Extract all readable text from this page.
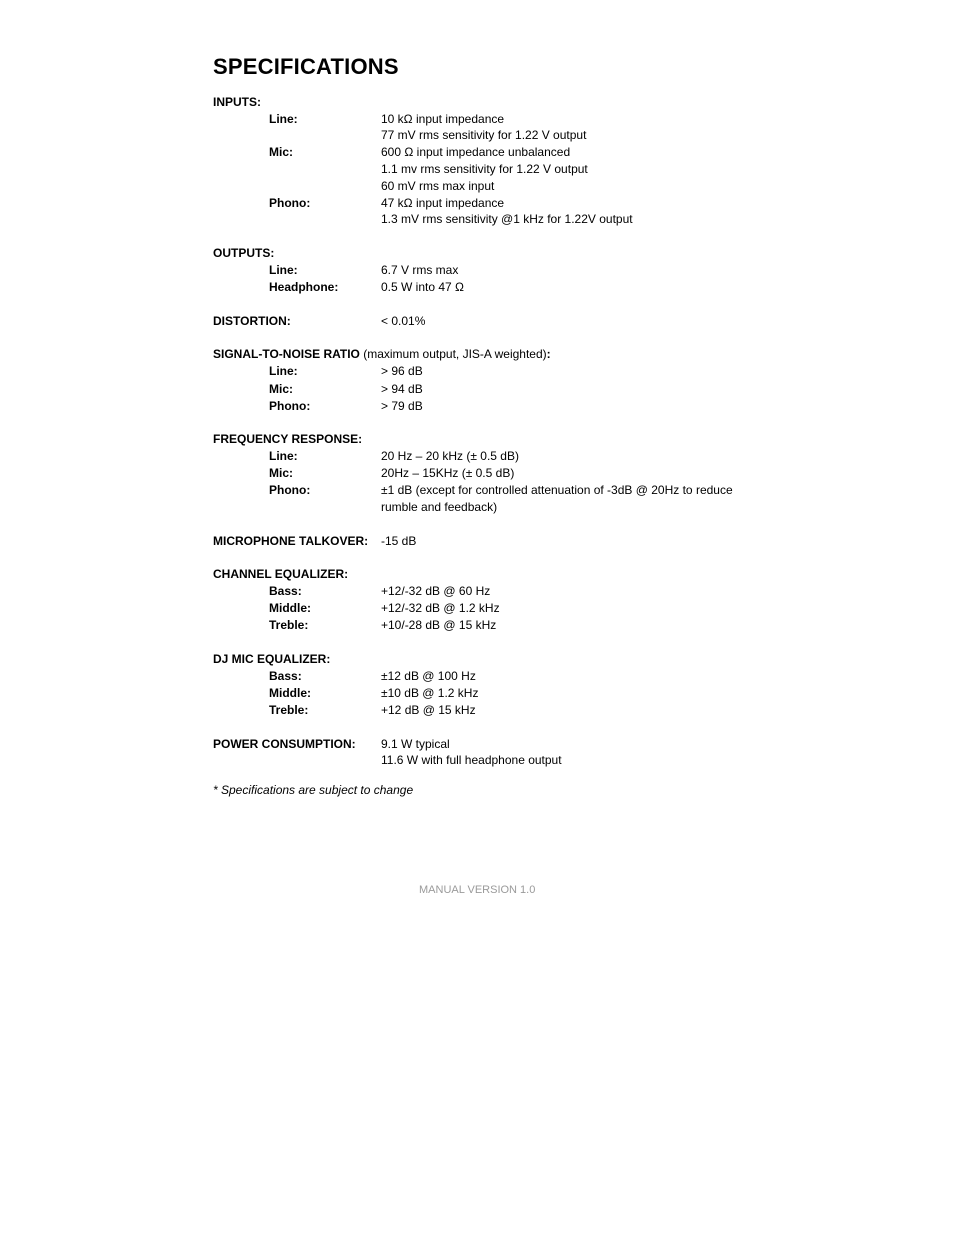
SPECIFICATIONS
INPUTS:
Line:	10 kΩ input impedance
77 mV rms sensitivity for 1.22 V output
Mic:	600 Ω input impedance unbalanced
1.1 mv rms sensitivity for 1.22 V output
60 mV rms max input
Phono:	47 kΩ input impedance
1.3 mV rms sensitivity @1 kHz for 1.22V output
OUTPUTS:
Line:	6.7 V rms max
Headphone:	0.5 W into 47 Ω
DISTORTION:	< 0.01%
SIGNAL-TO-NOISE RATIO (maximum output, JIS-A weighted):
Line:	> 96 dB
Mic:	> 94 dB
Phono:	> 79 dB
FREQUENCY RESPONSE:
Line:	20 Hz – 20 kHz (± 0.5 dB)
Mic:	20Hz – 15KHz (± 0.5 dB)
Phono:	±1 dB (except for controlled attenuation of -3dB @ 20Hz to reduce
rumble and feedback)
MICROPHONE TALKOVER: -15 dB
CHANNEL EQUALIZER:
Bass:	+12/-32 dB @ 60 Hz
Middle:	+12/-32 dB @ 1.2 kHz
Treble:	+10/-28 dB @ 15 kHz
DJ MIC EQUALIZER:
Bass:	±12 dB @ 100 Hz
Middle:	±10 dB @ 1.2 kHz
Treble:	+12 dB @ 15 kHz
POWER CONSUMPTION: 9.1 W typical
11.6 W with full headphone output
* Specifications are subject to change
MANUAL VERSION 1.0
